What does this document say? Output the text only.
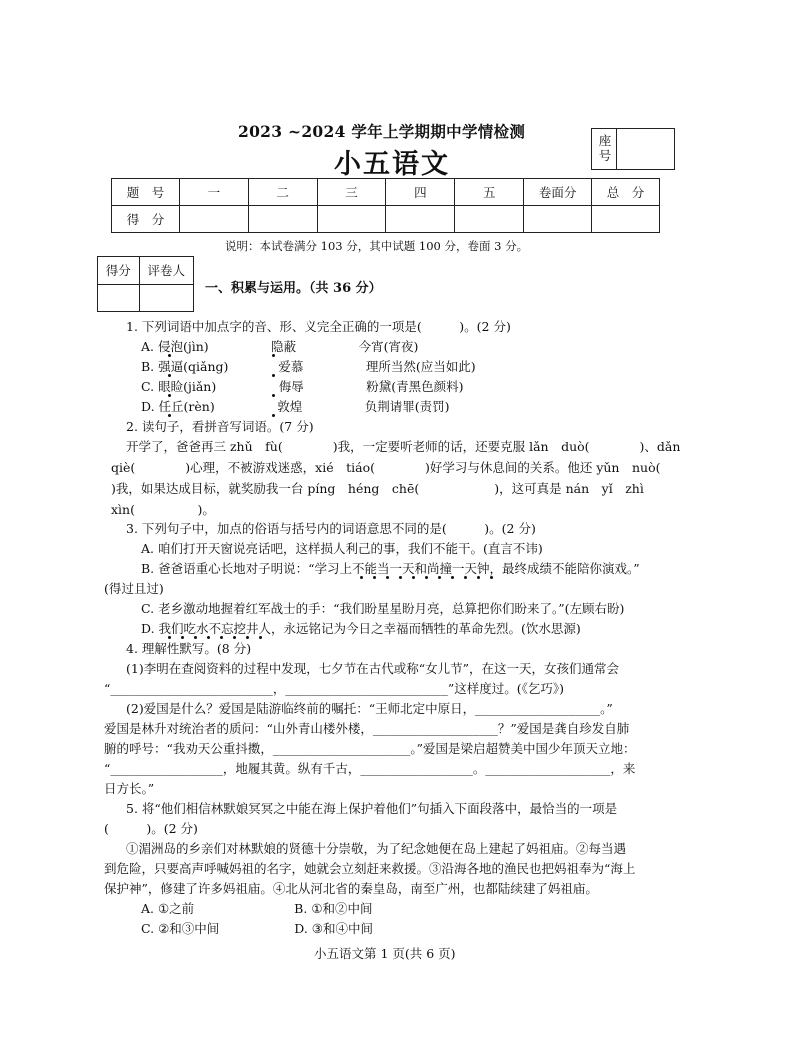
2023 ~2024 学年上学期期中学情检测
小五语文
座号
题　号	一	二	三	四	五	卷面分	总　分
得　分							
说明：本试卷满分 103 分，其中试题 100 分，卷面 3 分。
得分	评卷人

一、积累与运用。（共 36 分）
1. 下列词语中加点字的音、形、义完全正确的一项是(　　　)。(2 分)
A. 侵泡(jìn)　　　　　隐蔽　　　　　今宵(宵夜)
B. 强逼(qiǎng)　　　　爱慕　　　　　理所当然(应当如此)
C. 眼睑(jiǎn)　　　　　侮辱　　　　　粉黛(青黑色颜料)
D. 任丘(rèn)　　　　　敦煌　　　　　负荆请罪(责罚)
2. 读句子，看拼音写词语。(7 分)
开学了，爸爸再三 zhǔ　fù(　　　　)我，一定要听老师的话，还要克服 lǎn　duò(　　　　)、dǎn
qiè(　　　　)心理，不被游戏迷惑，xié　tiáo(　　　　)好学习与休息间的关系。他还 yǔn　nuò(　　　　
)我，如果达成目标，就奖励我一台 píng　héng　chē(　　　　　　)，这可真是 nán　yǐ　zhì
xìn(　　　　　)。
3. 下列句子中，加点的俗语与括号内的词语意思不同的是(　　　)。(2 分)
A. 咱们打开天窗说亮话吧，这样损人利己的事，我们不能干。(直言不讳)
B. 爸爸语重心长地对子明说：“学习上不能当一天和尚撞一天钟，最终成绩不能陪你演戏。”
(得过且过)
C. 老乡激动地握着红军战士的手：“我们盼星星盼月亮，总算把你们盼来了。”(左顾右盼)
D. 我们吃水不忘挖井人，永远铭记为今日之幸福而牺牲的革命先烈。(饮水思源)
4. 理解性默写。(8 分)
(1)李明在查阅资料的过程中发现，七夕节在古代或称“女儿节”，在这一天，女孩们通常会
“__________________________，__________________________”这样度过。(《乞巧》)
(2)爱国是什么？爱国是陆游临终前的嘱托：“王师北定中原日，____________________。”
爱国是林升对统治者的质问：“山外青山楼外楼，____________________？”爱国是龚自珍发自肺
腑的呼号：“我劝天公重抖擞，______________________。”爱国是梁启超赞美中国少年顶天立地：
“__________________，地履其黄。纵有千古，__________________。____________________，来
日方长。”
5. 将“他们相信林默娘冥冥之中能在海上保护着他们”句插入下面段落中，最恰当的一项是
(　　　)。(2 分)
①湄洲岛的乡亲们对林默娘的贤德十分崇敬，为了纪念她便在岛上建起了妈祖庙。②每当遇
到危险，只要高声呼喊妈祖的名字，她就会立刻赶来救援。③沿海各地的渔民也把妈祖奉为“海上
保护神”，修建了许多妈祖庙。④北从河北省的秦皇岛，南至广州，也都陆续建了妈祖庙。
A. ①之前　　　　　　　　B. ①和②中间
C. ②和③中间　　　　　　D. ③和④中间
小五语文第 1 页(共 6 页)
